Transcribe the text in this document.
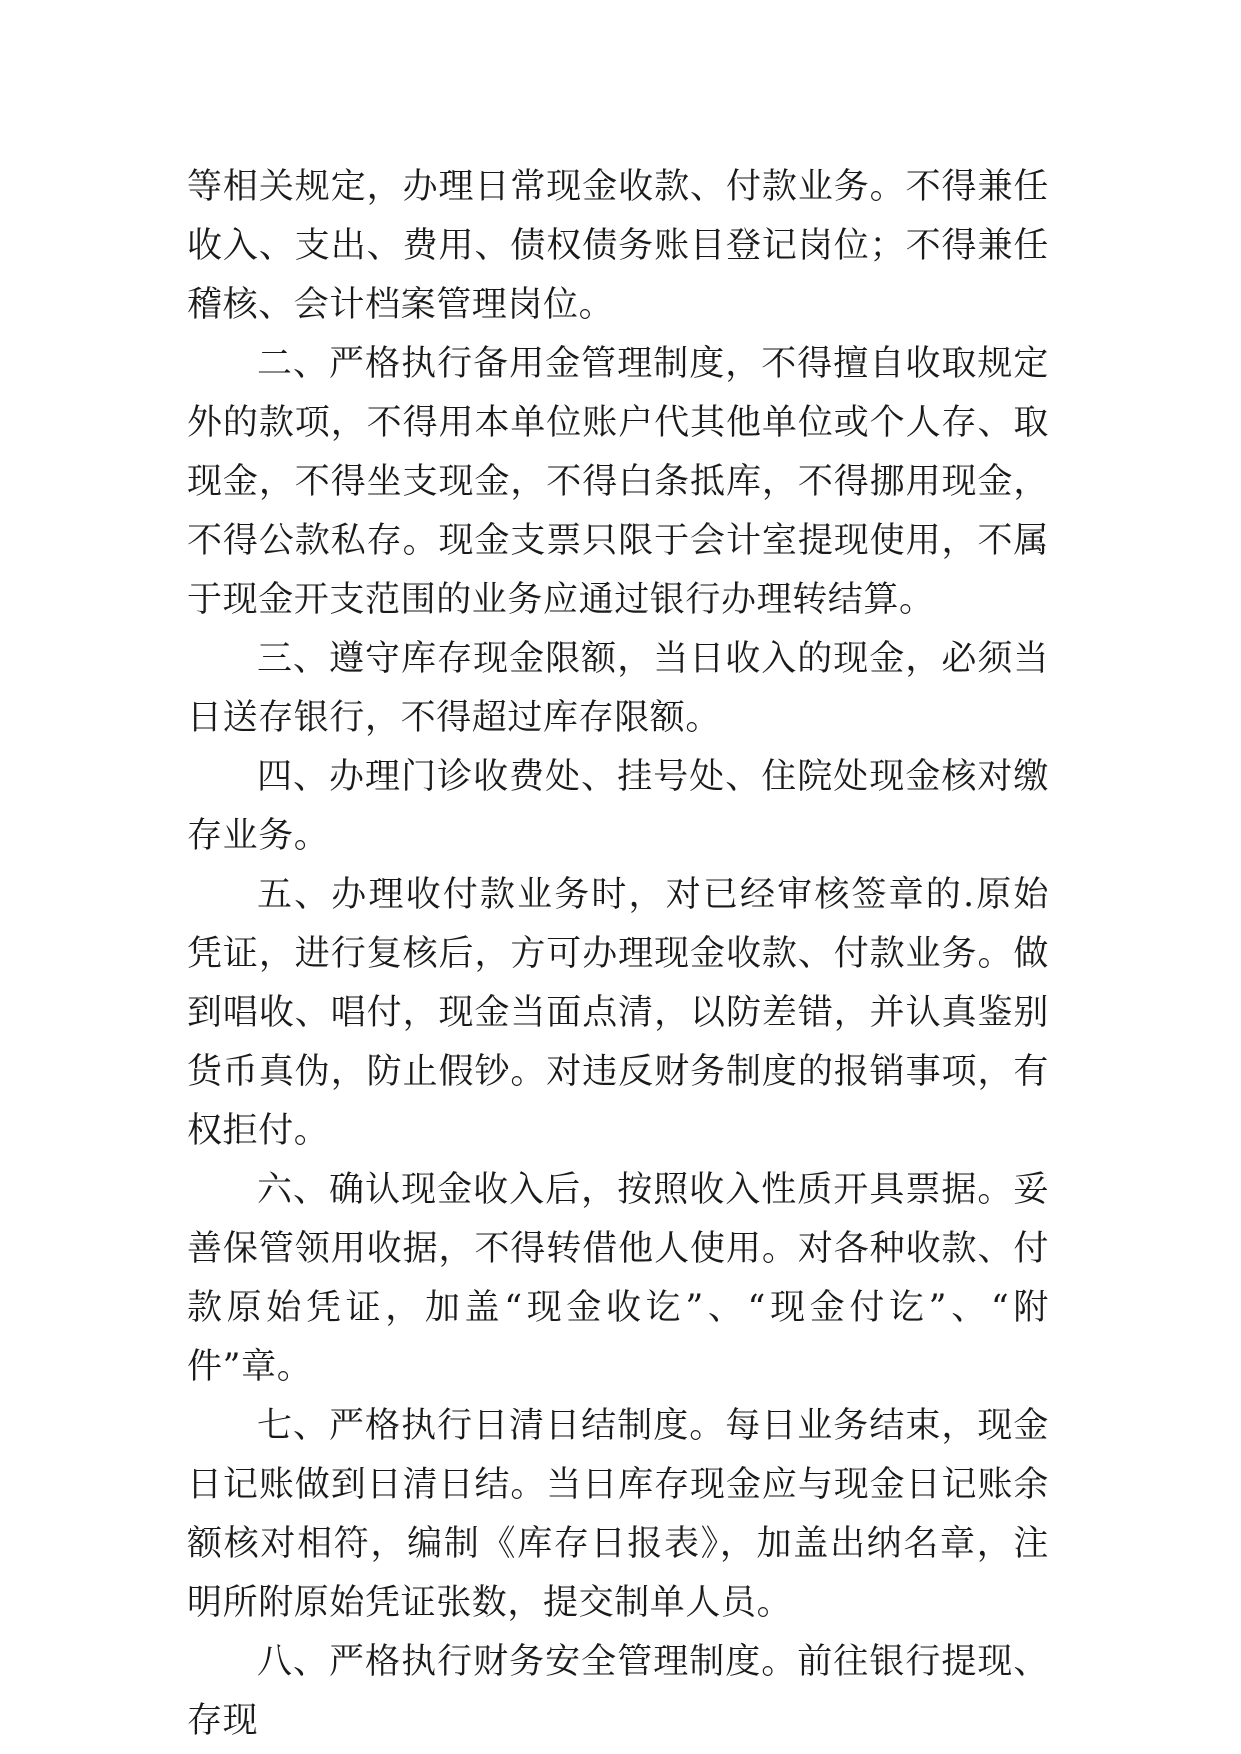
等相关规定，办理日常现金收款、付款业务。不得兼任收入、支出、费用、债权债务账目登记岗位；不得兼任稽核、会计档案管理岗位。

二、严格执行备用金管理制度，不得擅自收取规定外的款项，不得用本单位账户代其他单位或个人存、取现金，不得坐支现金，不得白条抵库，不得挪用现金，不得公款私存。现金支票只限于会计室提现使用，不属于现金开支范围的业务应通过银行办理转结算。

三、遵守库存现金限额，当日收入的现金，必须当日送存银行，不得超过库存限额。

四、办理门诊收费处、挂号处、住院处现金核对缴存业务。

五、办理收付款业务时，对已经审核签章的.原始凭证，进行复核后，方可办理现金收款、付款业务。做到唱收、唱付，现金当面点清，以防差错，并认真鉴别货币真伪，防止假钞。对违反财务制度的报销事项，有权拒付。

六、确认现金收入后，按照收入性质开具票据。妥善保管领用收据，不得转借他人使用。对各种收款、付款原始凭证，加盖“现金收讫”、“现金付讫”、“附件”章。

七、严格执行日清日结制度。每日业务结束，现金日记账做到日清日结。当日库存现金应与现金日记账余额核对相符，编制《库存日报表》，加盖出纳名章，注明所附原始凭证张数，提交制单人员。

八、严格执行财务安全管理制度。前往银行提现、存现
